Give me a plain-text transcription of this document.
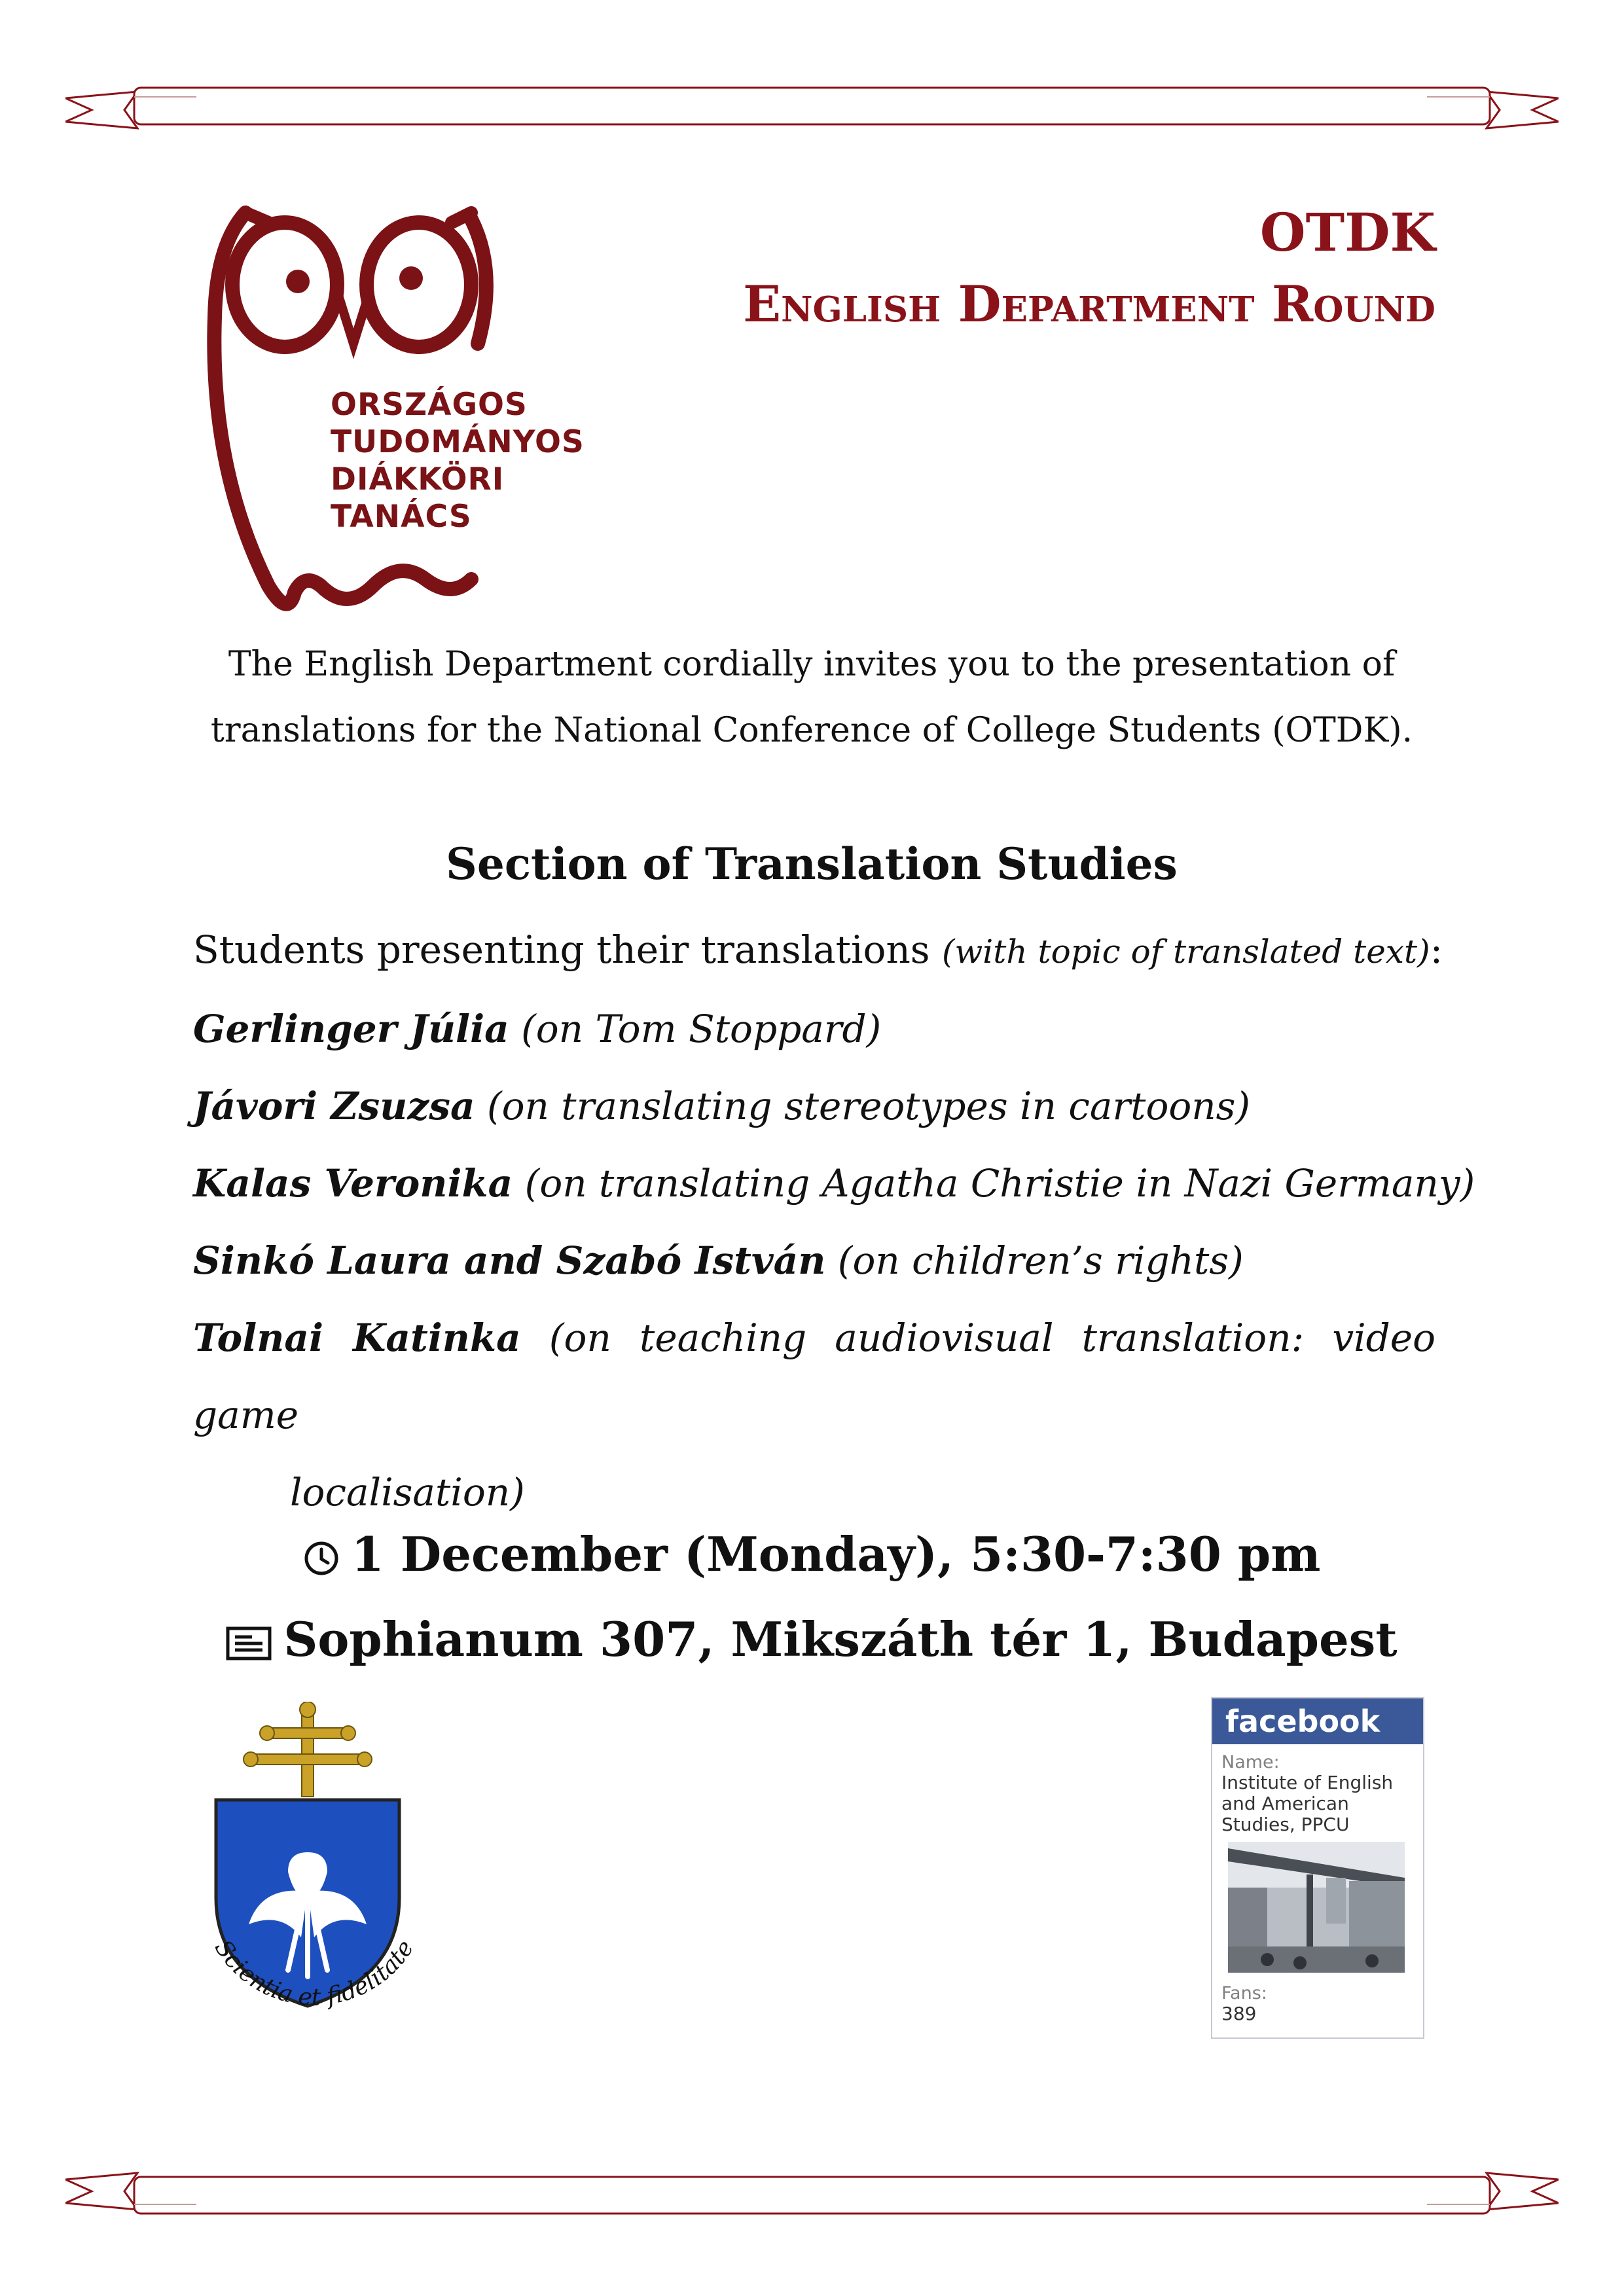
ORSZÁGOS
TUDOMÁNYOS
DIÁKKÖRI
TANÁCS
OTDK
English Department Round
The English Department cordially invites you to the presentation of
translations for the National Conference of College Students (OTDK).
Section of Translation Studies
Students presenting their translations (with topic of translated text):
Gerlinger Júlia (on Tom Stoppard)
Jávori Zsuzsa (on translating stereotypes in cartoons)
Kalas Veronika (on translating Agatha Christie in Nazi Germany)
Sinkó Laura and Szabó István (on children’s rights)
Tolnai Katinka (on teaching audiovisual translation: video game
localisation)
1 December (Monday), 5:30-7:30 pm
Sophianum 307, Mikszáth tér 1, Budapest
Scientia et fidelitate
facebook
Name:
Institute of English
and American
Studies, PPCU
Fans:
389
